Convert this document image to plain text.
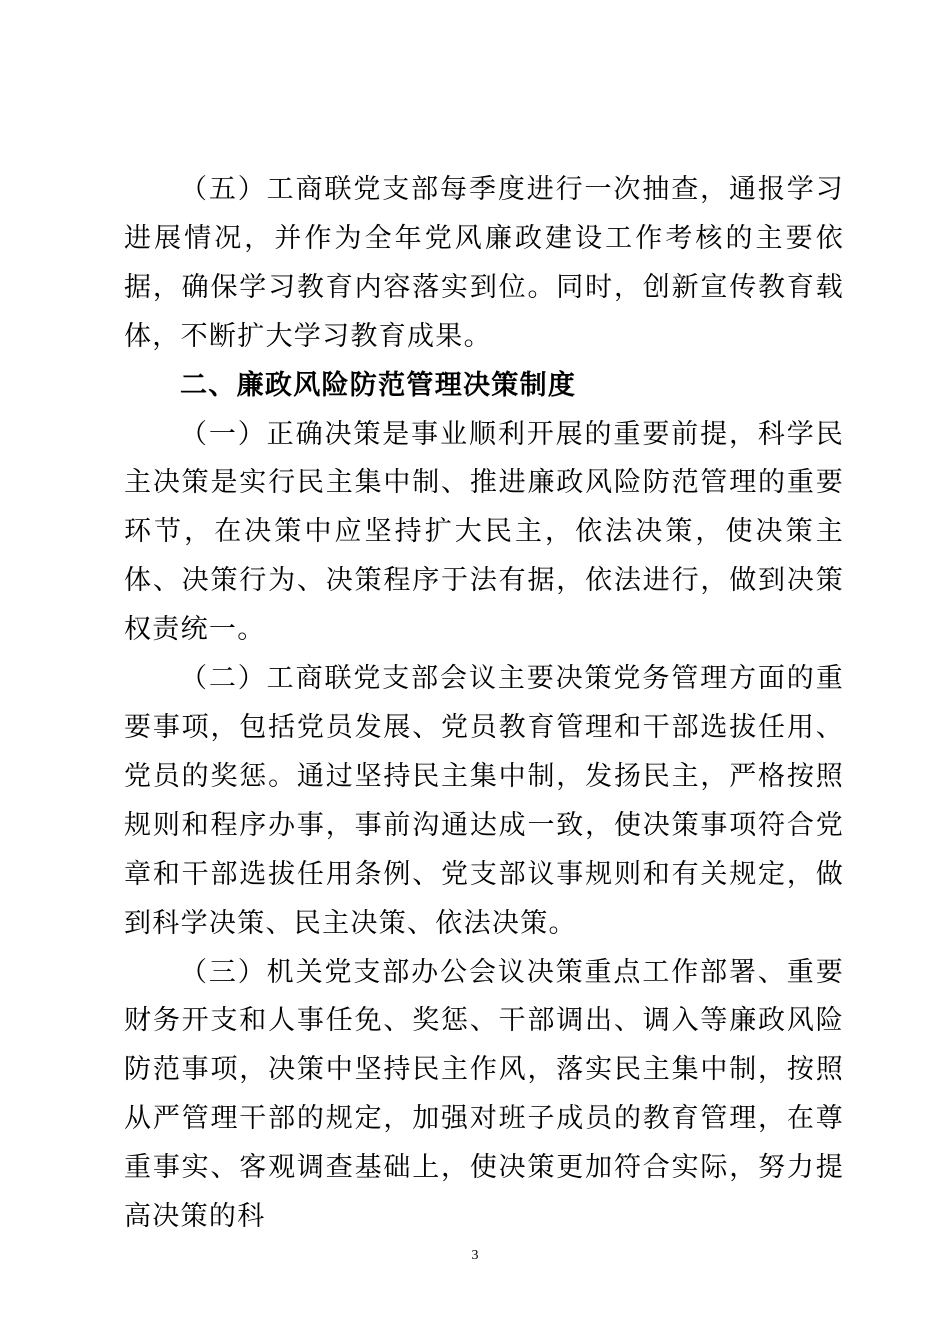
（五）工商联党支部每季度进行一次抽查，通报学习进展情况，并作为全年党风廉政建设工作考核的主要依据，确保学习教育内容落实到位。同时，创新宣传教育载体，不断扩大学习教育成果。

二、廉政风险防范管理决策制度

（一）正确决策是事业顺利开展的重要前提，科学民主决策是实行民主集中制、推进廉政风险防范管理的重要环节，在决策中应坚持扩大民主，依法决策，使决策主体、决策行为、决策程序于法有据，依法进行，做到决策权责统一。

（二）工商联党支部会议主要决策党务管理方面的重要事项，包括党员发展、党员教育管理和干部选拔任用、党员的奖惩。通过坚持民主集中制，发扬民主，严格按照规则和程序办事，事前沟通达成一致，使决策事项符合党章和干部选拔任用条例、党支部议事规则和有关规定，做到科学决策、民主决策、依法决策。

（三）机关党支部办公会议决策重点工作部署、重要财务开支和人事任免、奖惩、干部调出、调入等廉政风险防范事项，决策中坚持民主作风，落实民主集中制，按照从严管理干部的规定，加强对班子成员的教育管理，在尊重事实、客观调查基础上，使决策更加符合实际，努力提高决策的科

3
